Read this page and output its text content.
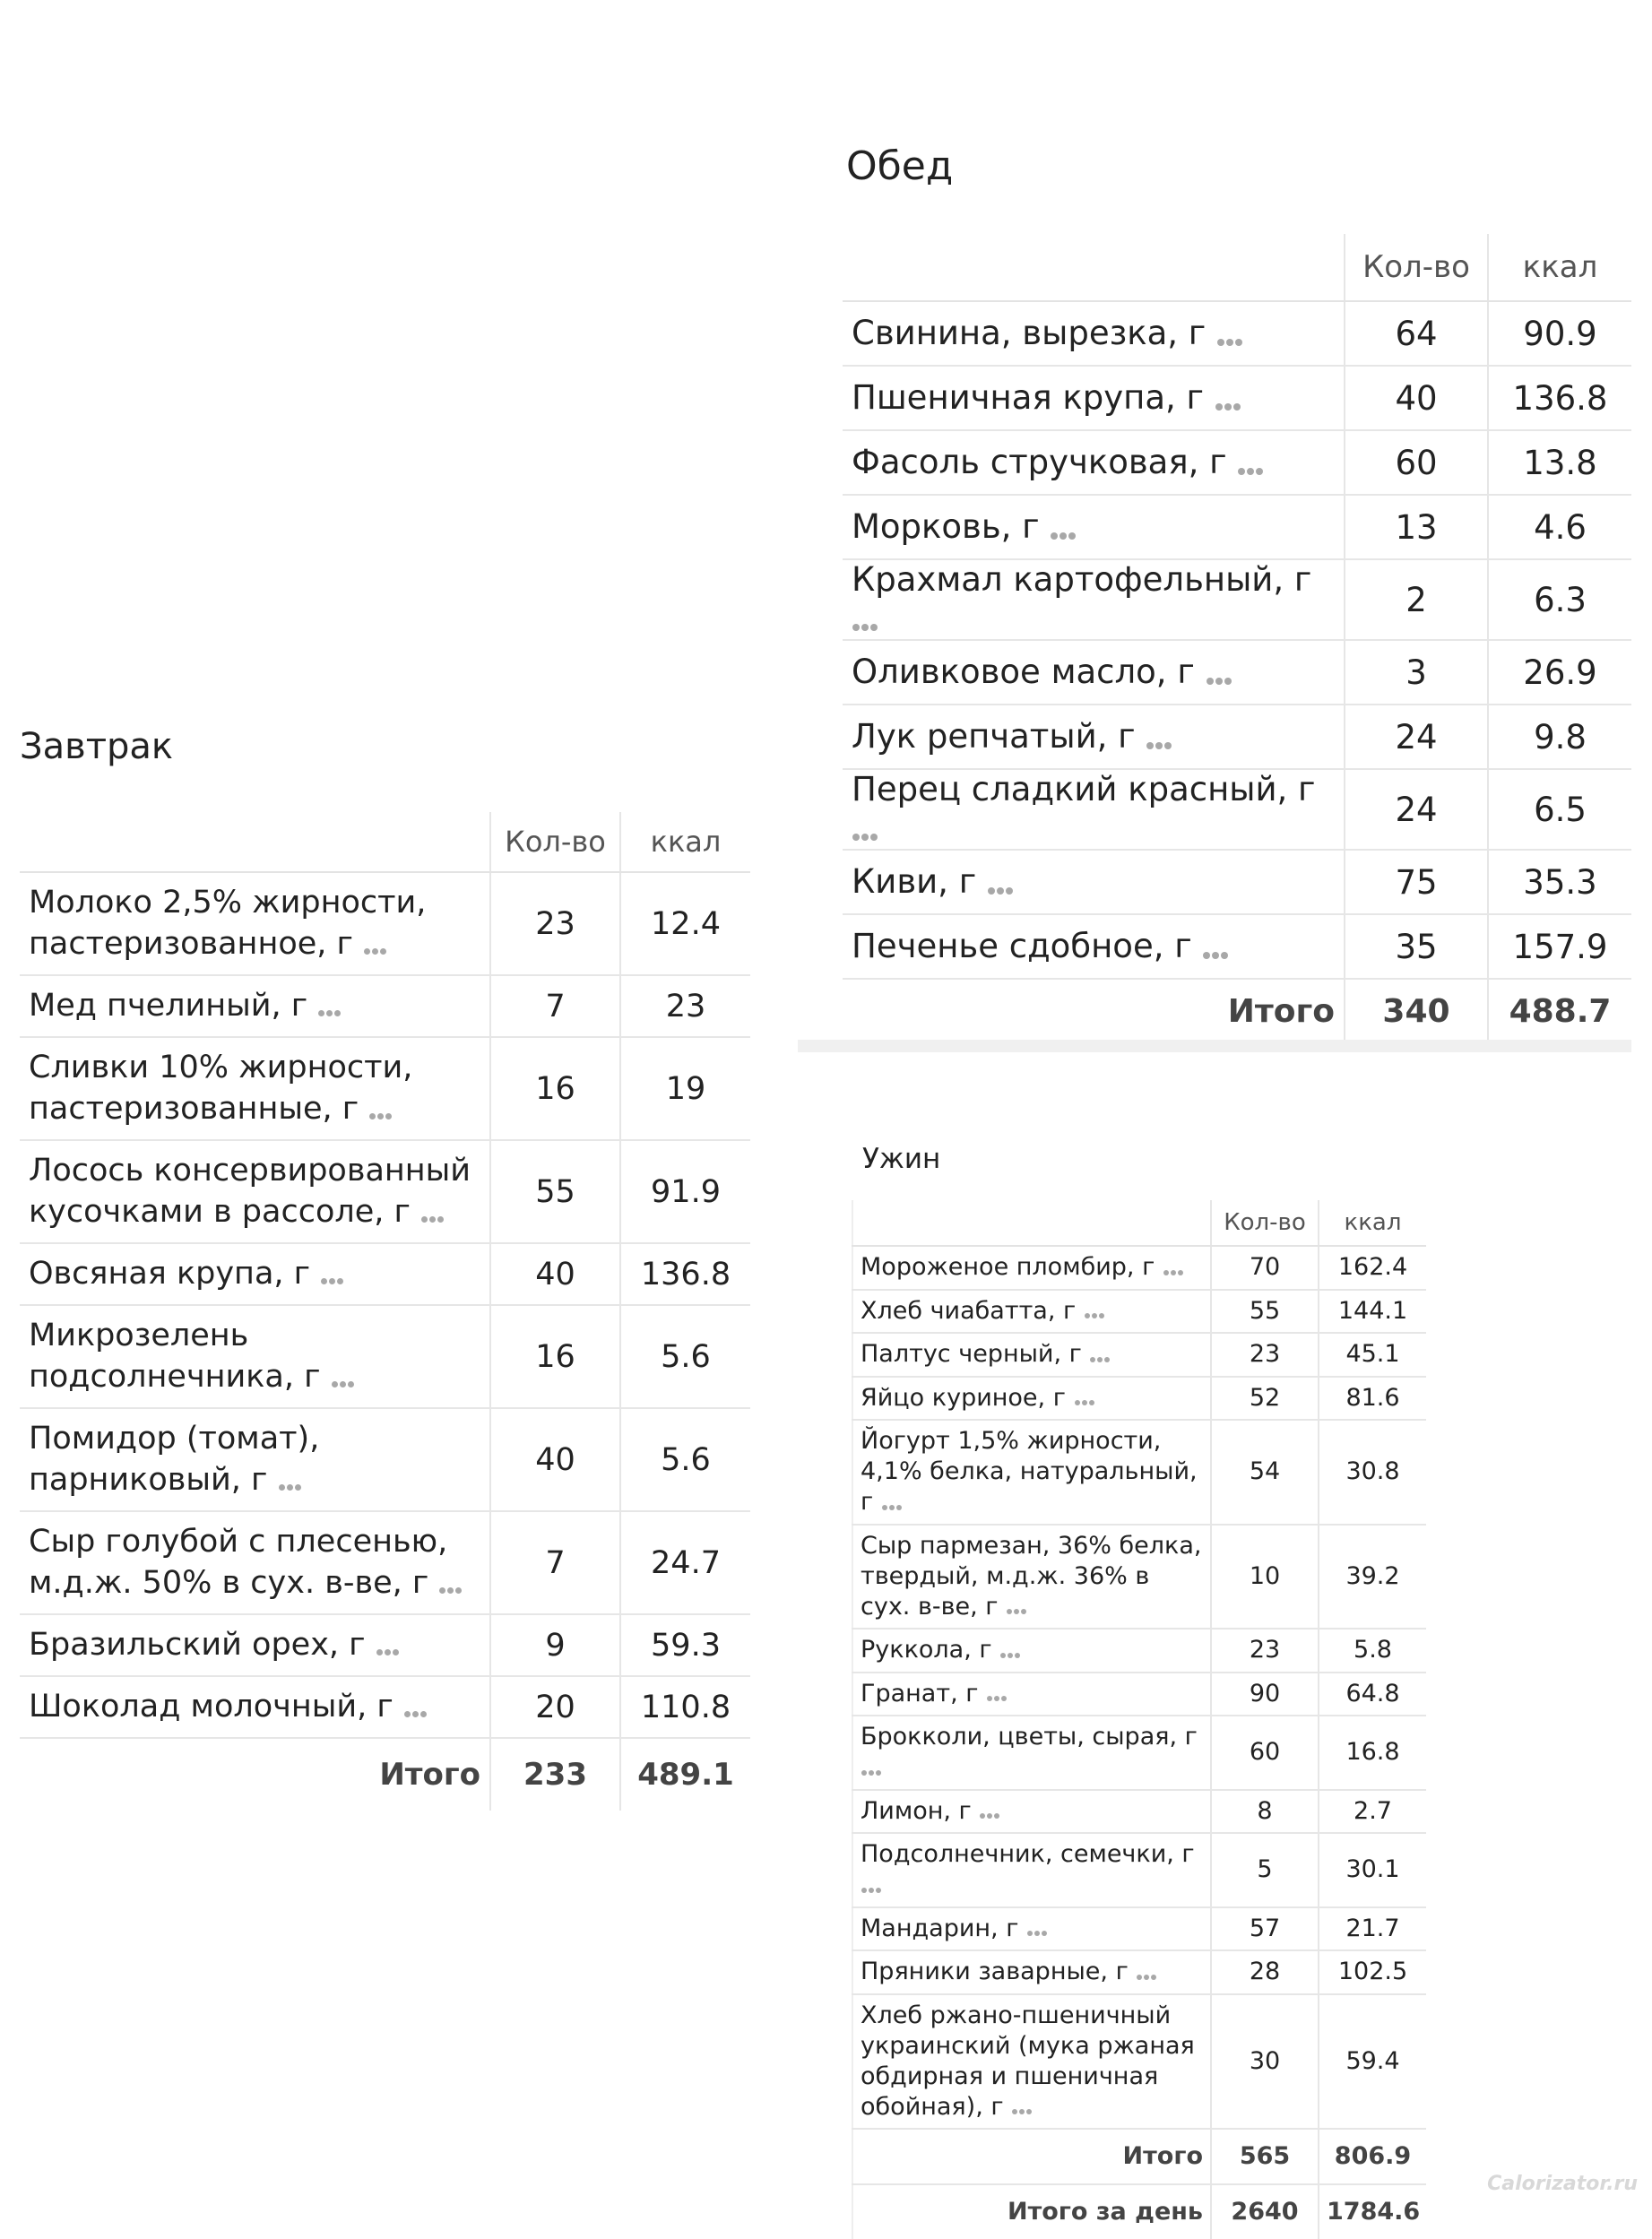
Обед
	Кол-во	ккал
Свинина, вырезка, г	64	90.9
Пшеничная крупа, г	40	136.8
Фасоль стручковая, г	60	13.8
Морковь, г	13	4.6
Крахмал картофельный, г	2	6.3
Оливковое масло, г	3	26.9
Лук репчатый, г	24	9.8
Перец сладкий красный, г	24	6.5
Киви, г	75	35.3
Печенье сдобное, г	35	157.9
Итого	340	488.7
Завтрак
	Кол-во	ккал
Молоко 2,5% жирности, пастеризованное, г	23	12.4
Мед пчелиный, г	7	23
Сливки 10% жирности, пастеризованные, г	16	19
Лосось консервированный кусочками в рассоле, г	55	91.9
Овсяная крупа, г	40	136.8
Микрозелень подсолнечника, г	16	5.6
Помидор (томат), парниковый, г	40	5.6
Сыр голубой с плесенью, м.д.ж. 50% в сух. в-ве, г	7	24.7
Бразильский орех, г	9	59.3
Шоколад молочный, г	20	110.8
Итого	233	489.1
Ужин
	Кол-во	ккал
Мороженое пломбир, г	70	162.4
Хлеб чиабатта, г	55	144.1
Палтус черный, г	23	45.1
Яйцо куриное, г	52	81.6
Йогурт 1,5% жирности, 4,1% белка, натуральный, г	54	30.8
Сыр пармезан, 36% белка, твердый, м.д.ж. 36% в сух. в-ве, г	10	39.2
Руккола, г	23	5.8
Гранат, г	90	64.8
Брокколи, цветы, сырая, г	60	16.8
Лимон, г	8	2.7
Подсолнечник, семечки, г	5	30.1
Мандарин, г	57	21.7
Пряники заварные, г	28	102.5
Хлеб ржано-пшеничный украинский (мука ржаная обдирная и пшеничная обойная), г	30	59.4
Итого	565	806.9
Итого за день	2640	1784.6
Calorizator.ru
